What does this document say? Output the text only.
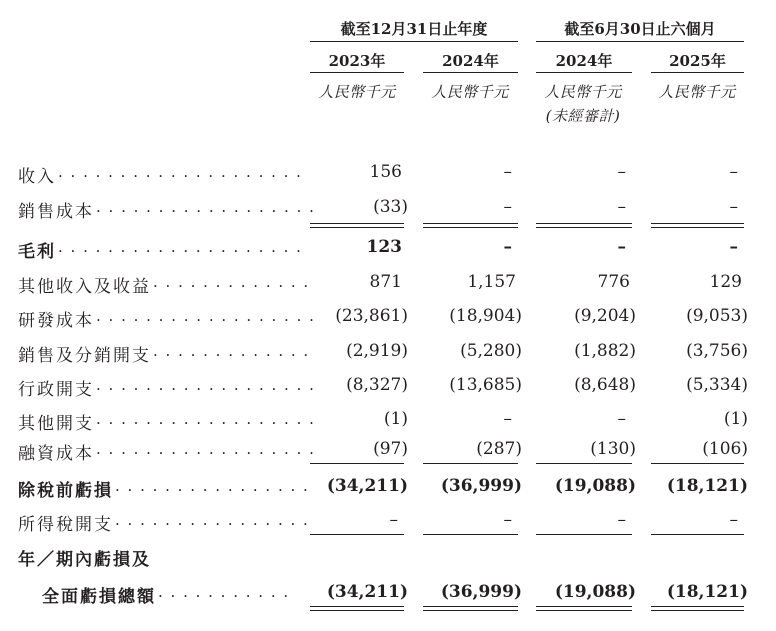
截至12月31日止年度	截至6月30日止六個月
2023年	2024年	2024年	2025年
人民幣千元	人民幣千元	人民幣千元	人民幣千元
(未經審計)
收入 . . . . . . . . . . . . . . . . . . . .	156	–	–	–
銷售成本 . . . . . . . . . . . . . . . . . .	(33)	–	–	–
毛利 . . . . . . . . . . . . . . . . . . . .	123	–	–	–
其他收入及收益 . . . . . . . . . . . . .	871	1,157	776	129
研發成本 . . . . . . . . . . . . . . . . . .	(23,861)	(18,904)	(9,204)	(9,053)
銷售及分銷開支 . . . . . . . . . . . . .	(2,919)	(5,280)	(1,882)	(3,756)
行政開支 . . . . . . . . . . . . . . . . . .	(8,327)	(13,685)	(8,648)	(5,334)
其他開支 . . . . . . . . . . . . . . . . . .	(1)	–	–	(1)
融資成本 . . . . . . . . . . . . . . . . . .	(97)	(287)	(130)	(106)
除稅前虧損 . . . . . . . . . . . . . . . .	(34,211)	(36,999)	(19,088)	(18,121)
所得稅開支 . . . . . . . . . . . . . . . .	–	–	–	–
年／期內虧損及
全面虧損總額 . . . . . . . . . . .	(34,211)	(36,999)	(19,088)	(18,121)
